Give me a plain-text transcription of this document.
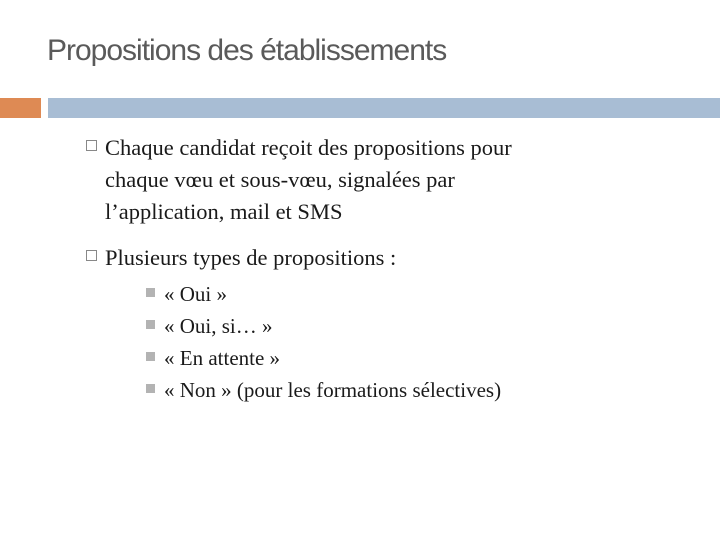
Propositions des établissements
Chaque candidat reçoit des propositions pour
chaque vœu et sous-vœu, signalées par
l’application, mail et SMS
Plusieurs types de propositions :
« Oui »
« Oui, si… »
« En attente »
« Non » (pour les formations sélectives)
